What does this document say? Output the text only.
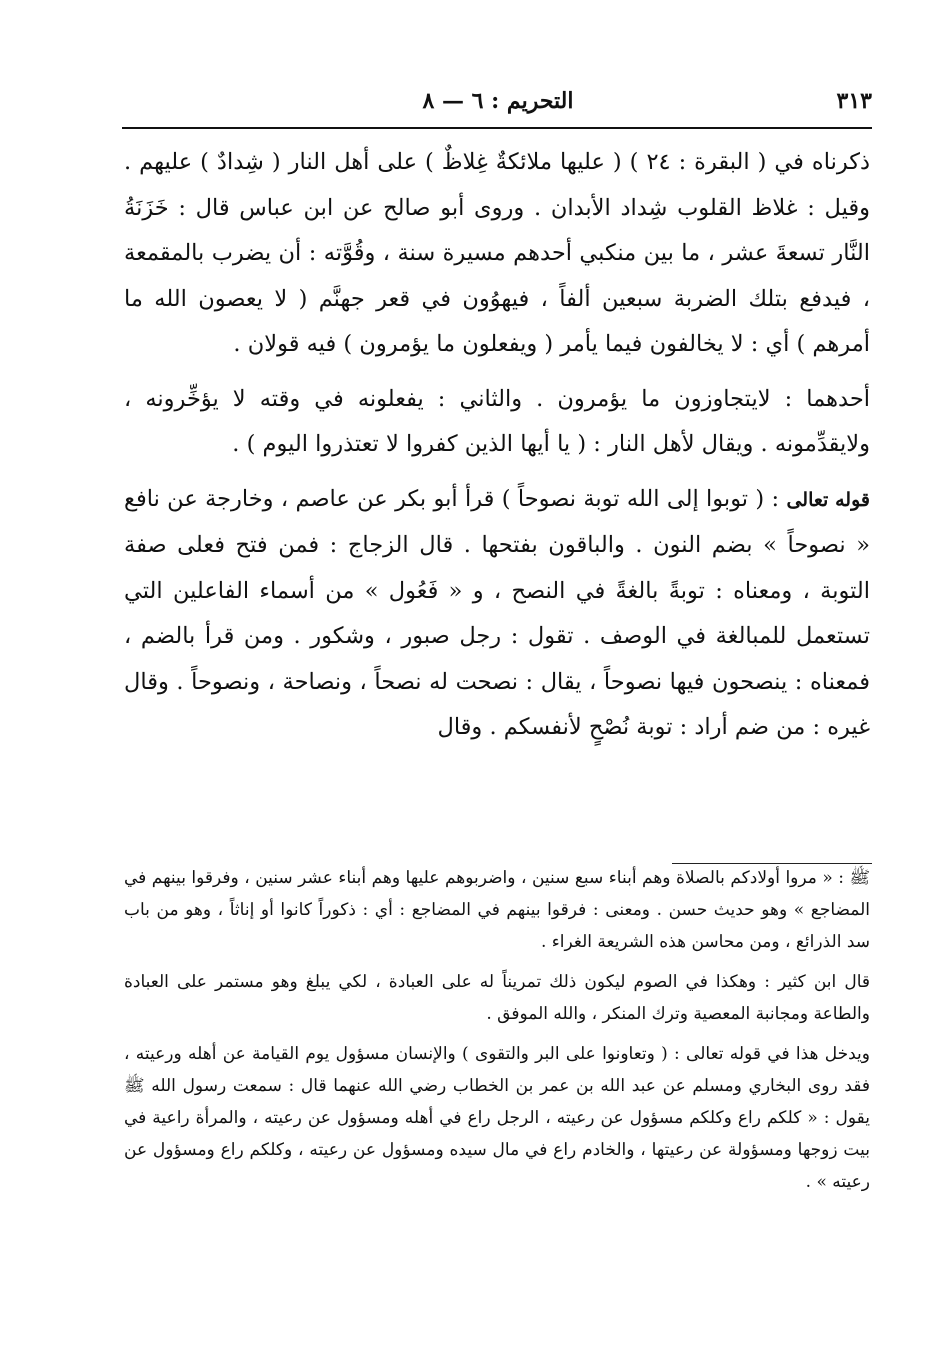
٣١٣
التحريم : ٦ — ٨

ذكرناه في ( البقرة : ٢٤ ) ( عليها ملائكةٌ غِلاظٌ ) على أهل النار ( شِدادٌ ) عليهم . وقيل : غلاظ القلوب شِداد الأبدان . وروى أبو صالح عن ابن عباس قال : خَزَنَةُ النَّار تسعةَ عشر ، ما بين منكبي أحدهم مسيرة سنة ، وقُوَّته : أن يضرب بالمقمعة ، فيدفع بتلك الضربة سبعين ألفاً ، فيهوُون في قعر جهنَّم ( لا يعصون الله ما أمرهم ) أي : لا يخالفون فيما يأمر ( ويفعلون ما يؤمرون ) فيه قولان .

أحدهما : لايتجاوزون ما يؤمرون . والثاني : يفعلونه في وقته لا يؤخِّرونه ، ولايقدِّمونه . ويقال لأهل النار : ( يا أيها الذين كفروا لا تعتذروا اليوم ) .

قوله تعالى : ( توبوا إلى الله توبة نصوحاً ) قرأ أبو بكر عن عاصم ، وخارجة عن نافع « نصوحاً » بضم النون . والباقون بفتحها . قال الزجاج : فمن فتح فعلى صفة التوبة ، ومعناه : توبةً بالغةً في النصح ، و « فَعُول » من أسماء الفاعلين التي تستعمل للمبالغة في الوصف . تقول : رجل صبور ، وشكور . ومن قرأ بالضم ، فمعناه : ينصحون فيها نصوحاً ، يقال : نصحت له نصحاً ، ونصاحة ، ونصوحاً . وقال غيره : من ضم أراد : توبة نُصْحٍ لأنفسكم . وقال

ﷺ : « مروا أولادكم بالصلاة وهم أبناء سبع سنين ، واضربوهم عليها وهم أبناء عشر سنين ، وفرقوا بينهم في المضاجع » وهو حديث حسن . ومعنى : فرقوا بينهم في المضاجع : أي : ذكوراً كانوا أو إناثاً ، وهو من باب سد الذرائع ، ومن محاسن هذه الشريعة الغراء .

قال ابن كثير : وهكذا في الصوم ليكون ذلك تمريناً له على العبادة ، لكي يبلغ وهو مستمر على العبادة والطاعة ومجانبة المعصية وترك المنكر ، والله الموفق .

ويدخل هذا في قوله تعالى : ( وتعاونوا على البر والتقوى ) والإنسان مسؤول يوم القيامة عن أهله ورعيته ، فقد روى البخاري ومسلم عن عبد الله بن عمر بن الخطاب رضي الله عنهما قال : سمعت رسول الله ﷺ يقول : « كلكم راع وكلكم مسؤول عن رعيته ، الرجل راع في أهله ومسؤول عن رعيته ، والمرأة راعية في بيت زوجها ومسؤولة عن رعيتها ، والخادم راع في مال سيده ومسؤول عن رعيته ، وكلكم راع ومسؤول عن رعيته » .
